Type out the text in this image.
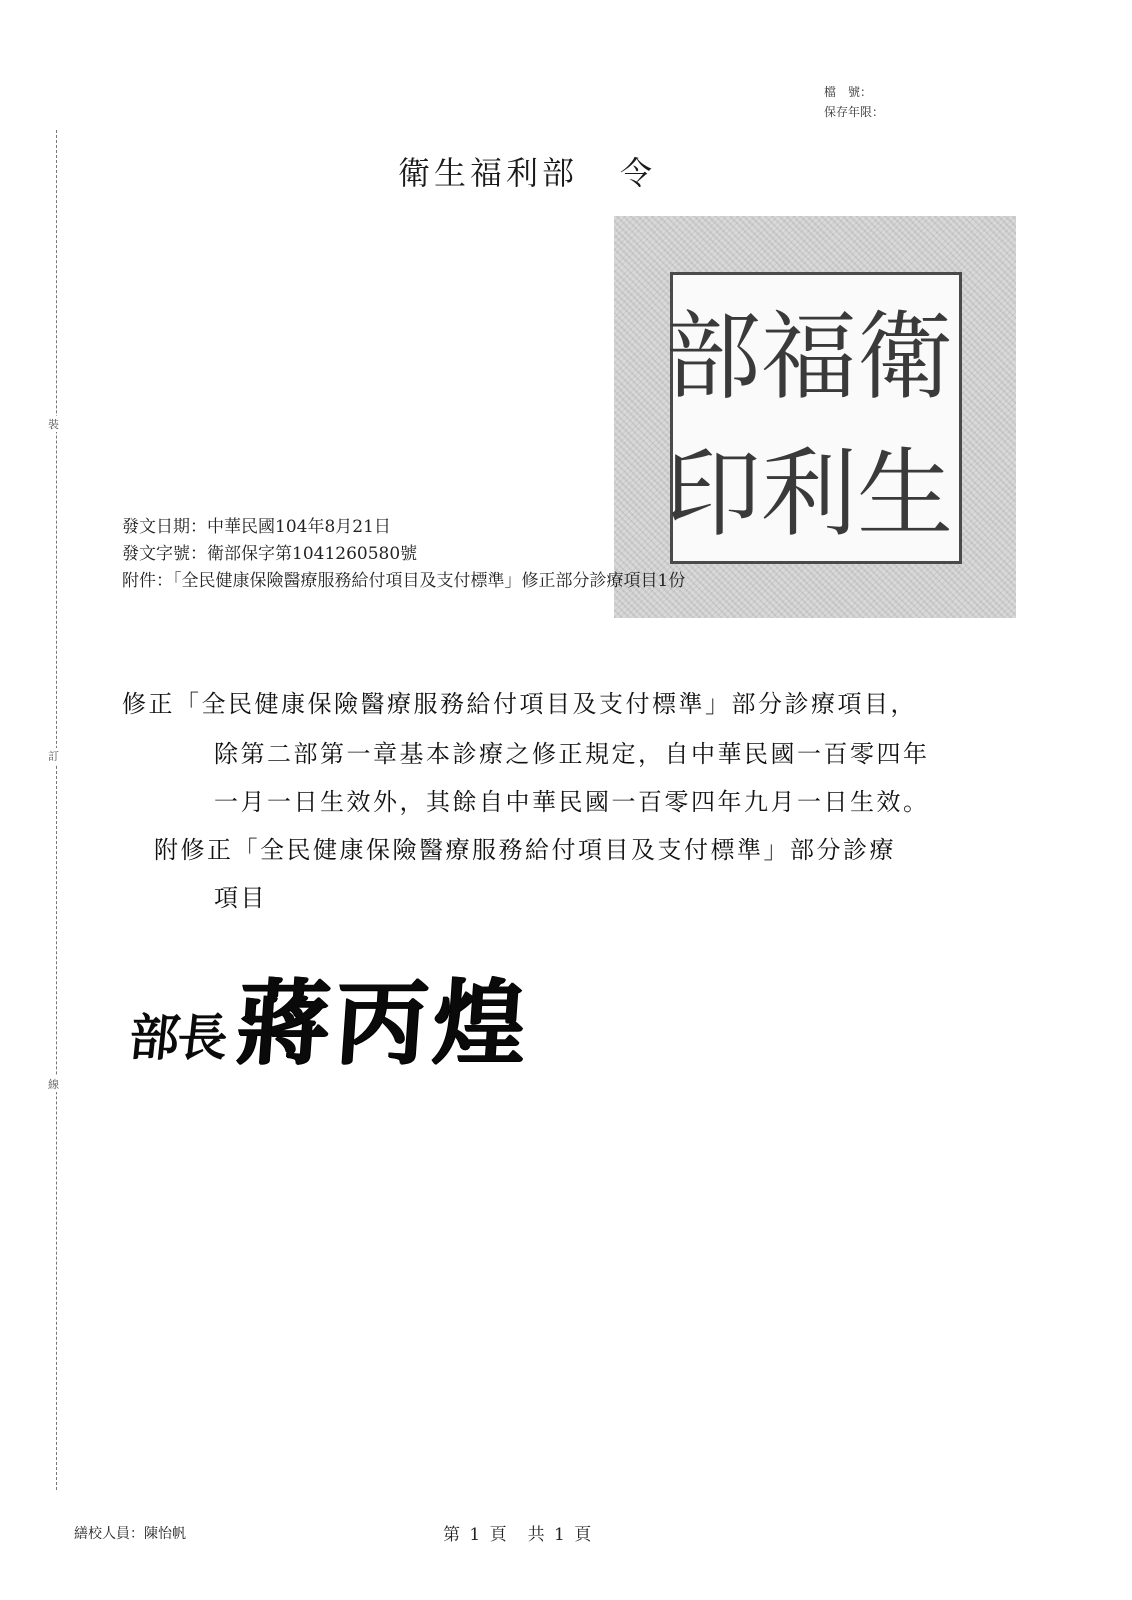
裝
訂
線
檔　號：
保存年限：
衛生福利部 令
衛
福
部
生
利
印
發文日期：中華民國104年8月21日
發文字號：衛部保字第1041260580號
附件：「全民健康保險醫療服務給付項目及支付標準」修正部分診療項目1份
修正「全民健康保險醫療服務給付項目及支付標準」部分診療項目，
除第二部第一章基本診療之修正規定，自中華民國一百零四年
一月一日生效外，其餘自中華民國一百零四年九月一日生效。
附修正「全民健康保險醫療服務給付項目及支付標準」部分診療
項目
部長蔣丙煌
繕校人員：陳怡帆	第 1 頁　共 1 頁
